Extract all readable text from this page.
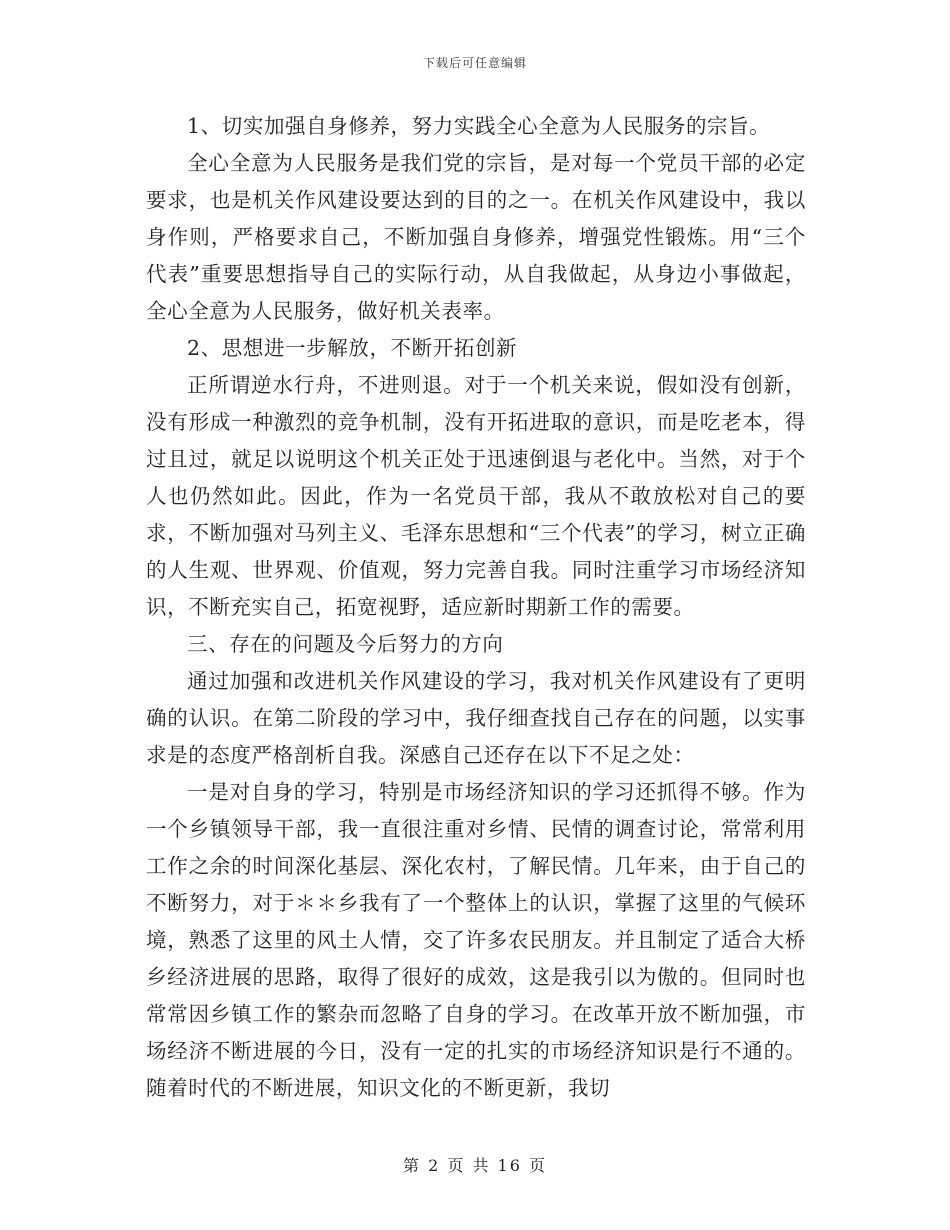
下载后可任意编辑

1、切实加强自身修养，努力实践全心全意为人民服务的宗旨。

全心全意为人民服务是我们党的宗旨，是对每一个党员干部的必定要求，也是机关作风建设要达到的目的之一。在机关作风建设中，我以身作则，严格要求自己，不断加强自身修养，增强党性锻炼。用“三个代表”重要思想指导自己的实际行动，从自我做起，从身边小事做起，全心全意为人民服务，做好机关表率。

2、思想进一步解放，不断开拓创新

正所谓逆水行舟，不进则退。对于一个机关来说，假如没有创新，没有形成一种激烈的竞争机制，没有开拓进取的意识，而是吃老本，得过且过，就足以说明这个机关正处于迅速倒退与老化中。当然，对于个人也仍然如此。因此，作为一名党员干部，我从不敢放松对自己的要求，不断加强对马列主义、毛泽东思想和“三个代表”的学习，树立正确的人生观、世界观、价值观，努力完善自我。同时注重学习市场经济知识，不断充实自己，拓宽视野，适应新时期新工作的需要。

三、存在的问题及今后努力的方向

通过加强和改进机关作风建设的学习，我对机关作风建设有了更明确的认识。在第二阶段的学习中，我仔细查找自己存在的问题，以实事求是的态度严格剖析自我。深感自己还存在以下不足之处：

一是对自身的学习，特别是市场经济知识的学习还抓得不够。作为一个乡镇领导干部，我一直很注重对乡情、民情的调查讨论，常常利用工作之余的时间深化基层、深化农村，了解民情。几年来，由于自己的不断努力，对于＊＊乡我有了一个整体上的认识，掌握了这里的气候环境，熟悉了这里的风土人情，交了许多农民朋友。并且制定了适合大桥乡经济进展的思路，取得了很好的成效，这是我引以为傲的。但同时也常常因乡镇工作的繁杂而忽略了自身的学习。在改革开放不断加强，市场经济不断进展的今日，没有一定的扎实的市场经济知识是行不通的。随着时代的不断进展，知识文化的不断更新，我切

第 2 页 共 16 页
